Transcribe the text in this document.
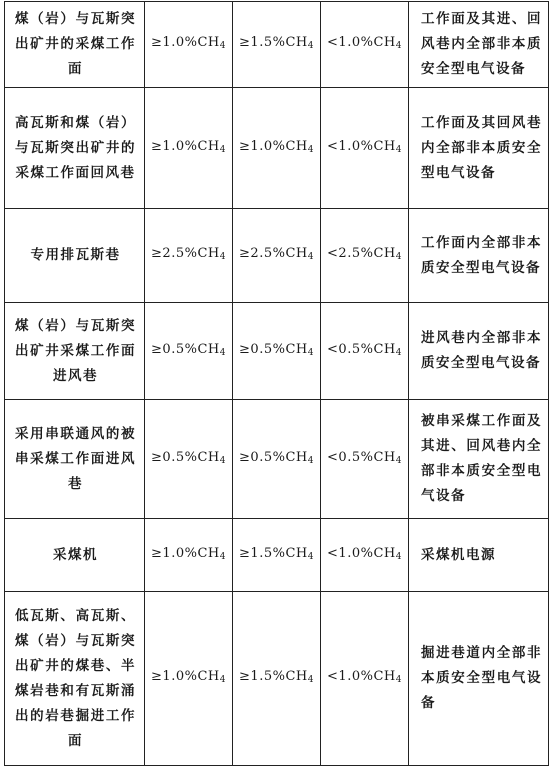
煤（岩）与瓦斯突出矿井的采煤工作面	$\ge 1.0\%CH_4$	$\ge 1.5\%CH_4$	$<1.0\%CH_4$	工作面及其进、回风巷内全部非本质安全型电气设备
高瓦斯和煤（岩）与瓦斯突出矿井的采煤工作面回风巷	$\ge 1.0\%CH_4$	$\ge 1.0\%CH_4$	$<1.0\%CH_4$	工作面及其回风巷内全部非本质安全型电气设备
专用排瓦斯巷	$\ge 2.5\%CH_4$	$\ge 2.5\%CH_4$	$<2.5\%CH_4$	工作面内全部非本质安全型电气设备
煤（岩）与瓦斯突出矿井采煤工作面进风巷	$\ge 0.5\%CH_4$	$\ge 0.5\%CH_4$	$<0.5\%CH_4$	进风巷内全部非本质安全型电气设备
采用串联通风的被串采煤工作面进风巷	$\ge 0.5\%CH_4$	$\ge 0.5\%CH_4$	$<0.5\%CH_4$	被串采煤工作面及其进、回风巷内全部非本质安全型电气设备
采煤机	$\ge 1.0\%CH_4$	$\ge 1.5\%CH_4$	$<1.0\%CH_4$	采煤机电源
低瓦斯、高瓦斯、煤（岩）与瓦斯突出矿井的煤巷、半煤岩巷和有瓦斯涌出的岩巷掘进工作面	$\ge 1.0\%CH_4$	$\ge 1.5\%CH_4$	$<1.0\%CH_4$	掘进巷道内全部非本质安全型电气设备
